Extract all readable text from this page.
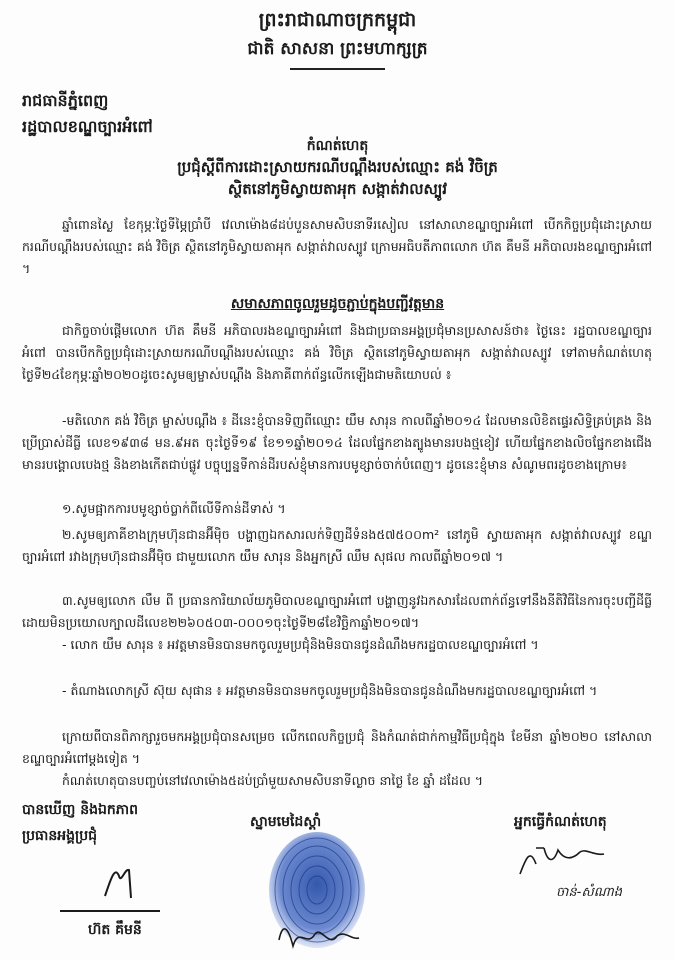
ព្រះរាជាណាចក្រកម្ពុជា
ជាតិ សាសនា ព្រះមហាក្សត្រ
រាជធានីភ្នំពេញ
រដ្ឋបាលខណ្ឌច្បារអំពៅ
កំណត់ហេតុ
ប្រជុំស្តីពីការដោះស្រាយករណីបណ្តឹងរបស់ឈ្មោះ គង់ វិចិត្រ
ស្ថិតនៅភូមិស្វាយតាអុក សង្កាត់វាលស្បូវ
ឆ្នាំពោនស្ងៃ ខែកុម្ភៈថ្ងៃទីម្ភៃប្រាំបី វេលាម៉ោង៨ដប់បួនសាមសិបនាទីរសៀល នៅសាលាខណ្ឌច្បារអំពៅ បើកកិច្ចប្រជុំដោះស្រាយករណីបណ្តឹងរបស់ឈ្មោះ គង់ វិចិត្រ ស្ថិតនៅភូមិស្វាយតាអុក សង្កាត់វាលស្បូវ ក្រោមអធិបតីភាពលោក ហ៊ត គឹមនី អភិបាលរងខណ្ឌច្បារអំពៅ ។
សមាសភាពចូលរួមដូចភ្ជាប់ក្នុងបញ្ជីវត្តមាន
ជាកិច្ចចាប់ផ្តើមលោក ហ៊ត គឹមនី អភិបាលរងខណ្ឌច្បារអំពៅ និងជាប្រធានអង្គប្រជុំមានប្រសាសន៍ថា៖ ថ្ងៃនេះ រដ្ឋបាលខណ្ឌច្បារអំពៅ បានបើកកិច្ចប្រជុំដោះស្រាយករណីបណ្តឹងរបស់ឈ្មោះ គង់ វិចិត្រ ស្ថិតនៅភូមិស្វាយតាអុក សង្កាត់វាលស្បូវ ទៅតាមកំណត់ហេតុថ្ងៃទី២៤ខែកុម្ភៈឆ្នាំ២០២០ដូចេះសូមឲ្យម្ចាស់បណ្តឹង និងភាគីពាក់ព័ន្ធលើកឡើងជាមតិយោបល់ ៖
-មតិលោក គង់ វិចិត្រ ម្ចាស់បណ្តឹង ៖ ដីនេះខ្ញុំបានទិញពីឈ្មោះ យឹម សារុន កាលពីឆ្នាំ២០១៤ ដែលមានលិខិតផ្ទេរសិទ្ធិគ្រប់គ្រង និងប្រើប្រាស់ដីធ្លី លេខ១៩៣៨ មន.៩អត ចុះថ្ងៃទី១៩ ខែ១១ឆ្នាំ២០១៤ ដែលផ្នែកខាងត្បូងមានរបងថ្មខៀវ ហើយផ្នែកខាងលិចផ្នែកខាងជើងមានរបង្គោលបេងថ្ម និងខាងកើតជាប់ផ្លូវ បច្ចុប្បន្នទីកាន់ដីរបស់ខ្ញុំមានការបមូខ្សាច់ចាក់បំពេញ។ ដូចនេះខ្ញុំមាន សំណូមពរដូចខាងក្រោម៖
១.សូមផ្អាកការបមូខ្សាច់ប្លាក់ពីលើទីកាន់ដីទាស់ ។
២.សូមឲ្យភាគីខាងក្រុមហ៊ុនជានអ៊ីម៉ិច បង្ហាញឯកសារលក់ទិញដីទំនង៥៧៥០០m² នៅភូមិ ស្វាយតាអុក សង្កាត់វាលស្បូវ ខណ្ឌច្បារអំពៅ រវាងក្រុមហ៊ុនជានអ៊ីម៉ិច ជាមួយលោក យឹម សារុន និងអ្នកស្រី ឈឹម សុផល កាលពីឆ្នាំ២០១៧ ។
៣.សូមឲ្យលោក លឹម ពី ប្រធានការិយាល័យភូមិបាលខណ្ឌច្បារអំពៅ បង្ហាញនូវឯកសារដែលពាក់ព័ន្ធទៅនឹងនីតិវិធីនៃការចុះបញ្ជីដីធ្លីដោយមិនប្រយោលក្បាលដីលេខ២២៦០៥០៣-០០០១ចុះថ្ងៃទី២៨ខែវិច្ឆិកាឆ្នាំ២០១៧។
- លោក យឹម សារុន ៖ អវត្តមានមិនបានមកចូលរួមប្រជុំនិងមិនបានជូនដំណឹងមករដ្ឋបាលខណ្ឌច្បារអំពៅ ។
- តំណាងលោកស្រី ស៊ុយ សុផាន ៖ អវត្តមានមិនបានមកចូលរួមប្រជុំនិងមិនបានជូនដំណឹងមករដ្ឋបាលខណ្ឌច្បារអំពៅ ។
ក្រោយពីបានពិភាក្សារួចមកអង្គប្រជុំបានសម្រេច លើកពេលកិច្ចប្រជុំ និងកំណត់ជាក់កាម្មវិធីប្រជុំក្នុង ខែមីនា ឆ្នាំ២០២០ នៅសាលាខណ្ឌច្បារអំពៅម្តងទៀត ។
កំណត់ហេតុបានបញ្ចប់នៅវេលាម៉ោង៥ដប់ប្រាំមួយសាមសិបនាទីល្ងាច នាថ្ងៃ ខែ ឆ្នាំ ដដែល ។
បានឃើញ និងឯកភាព
ប្រធានអង្គប្រជុំ
ហ៊ត គឹមនី
ស្នាមមេដៃស្តាំ	អ្នកធ្វើកំណត់ហេតុ
ចាន់-សំណាង
